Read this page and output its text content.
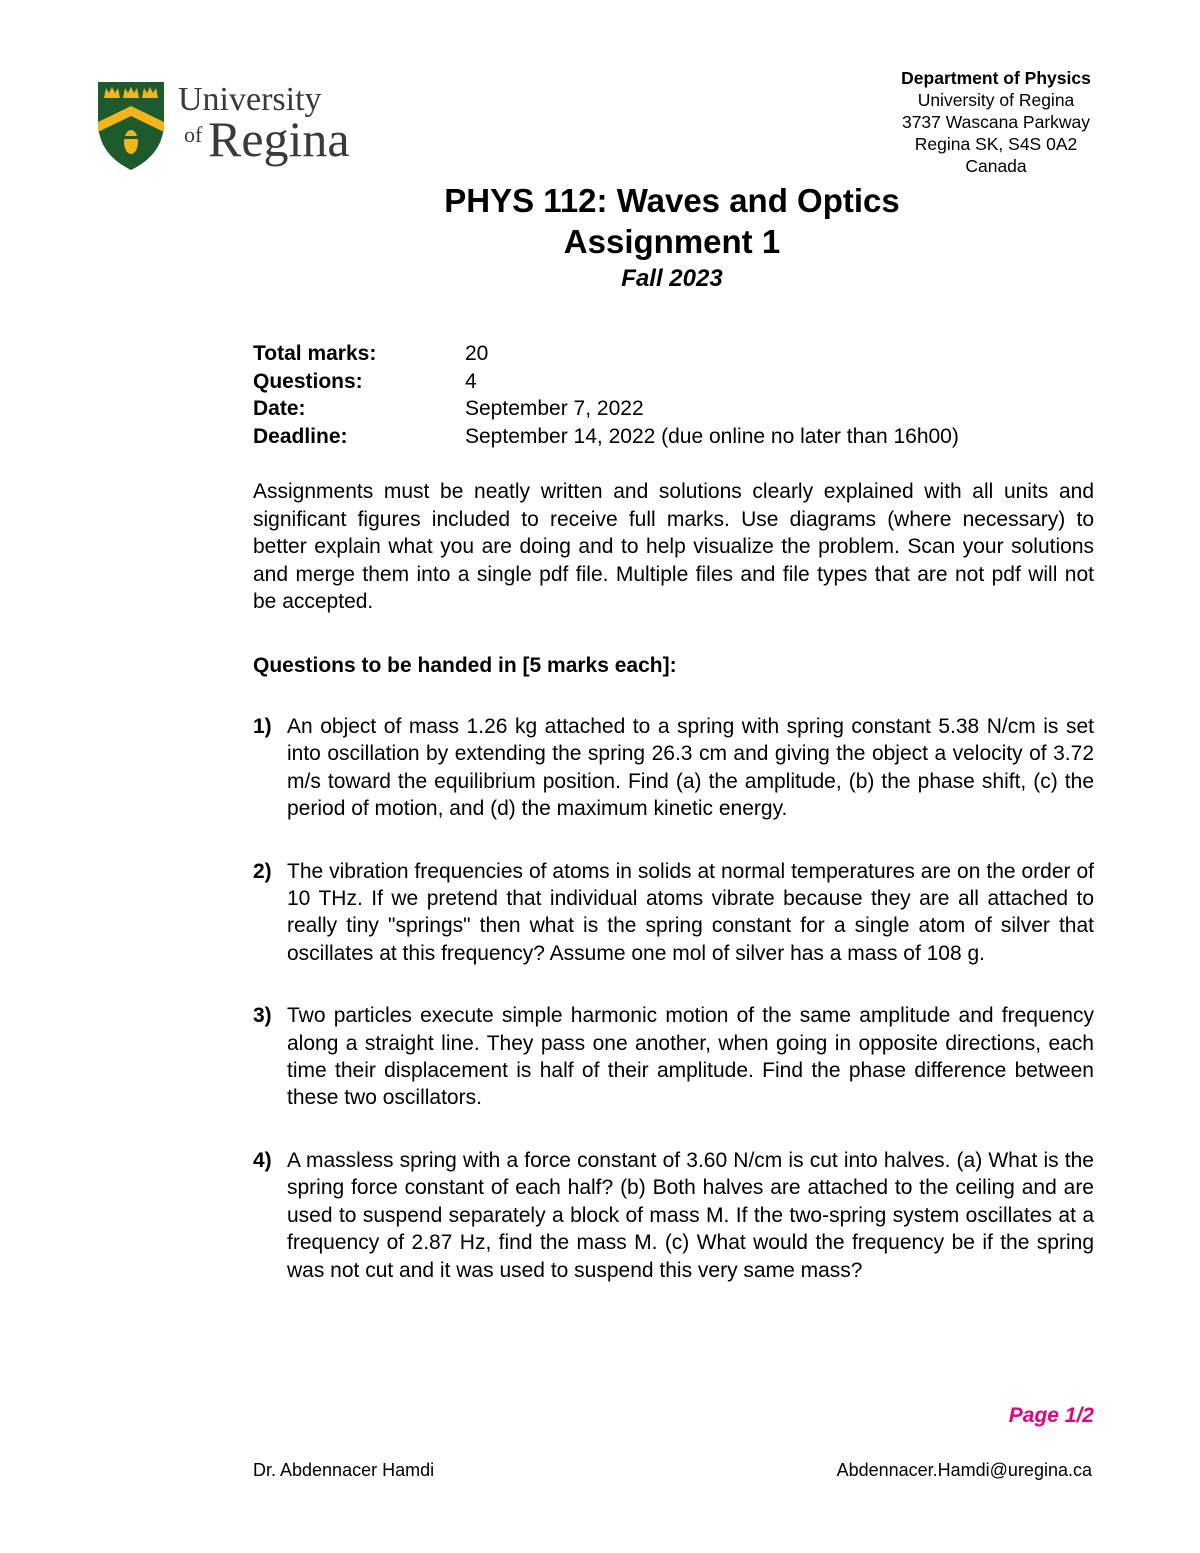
University
of Regina
Department of Physics
University of Regina
3737 Wascana Parkway
Regina SK, S4S 0A2
Canada
PHYS 112: Waves and Optics
Assignment 1
Fall 2023
Total marks:	20
Questions:	4
Date:	September 7, 2022
Deadline:	September 14, 2022 (due online no later than 16h00)

Assignments must be neatly written and solutions clearly explained with all units and significant figures included to receive full marks. Use diagrams (where necessary) to better explain what you are doing and to help visualize the problem. Scan your solutions and merge them into a single pdf file. Multiple files and file types that are not pdf will not be accepted.

Questions to be handed in [5 marks each]:
1) An object of mass 1.26 kg attached to a spring with spring constant 5.38 N/cm is set into oscillation by extending the spring 26.3 cm and giving the object a velocity of 3.72 m/s toward the equilibrium position. Find (a) the amplitude, (b) the phase shift, (c) the period of motion, and (d) the maximum kinetic energy.
2) The vibration frequencies of atoms in solids at normal temperatures are on the order of 10 THz. If we pretend that individual atoms vibrate because they are all attached to really tiny "springs" then what is the spring constant for a single atom of silver that oscillates at this frequency? Assume one mol of silver has a mass of 108 g.
3) Two particles execute simple harmonic motion of the same amplitude and frequency along a straight line. They pass one another, when going in opposite directions, each time their displacement is half of their amplitude. Find the phase difference between these two oscillators.
4) A massless spring with a force constant of 3.60 N/cm is cut into halves. (a) What is the spring force constant of each half? (b) Both halves are attached to the ceiling and are used to suspend separately a block of mass M. If the two-spring system oscillates at a frequency of 2.87 Hz, find the mass M. (c) What would the frequency be if the spring was not cut and it was used to suspend this very same mass?
Page 1/2
Dr. Abdennacer Hamdi	Abdennacer.Hamdi@uregina.ca
